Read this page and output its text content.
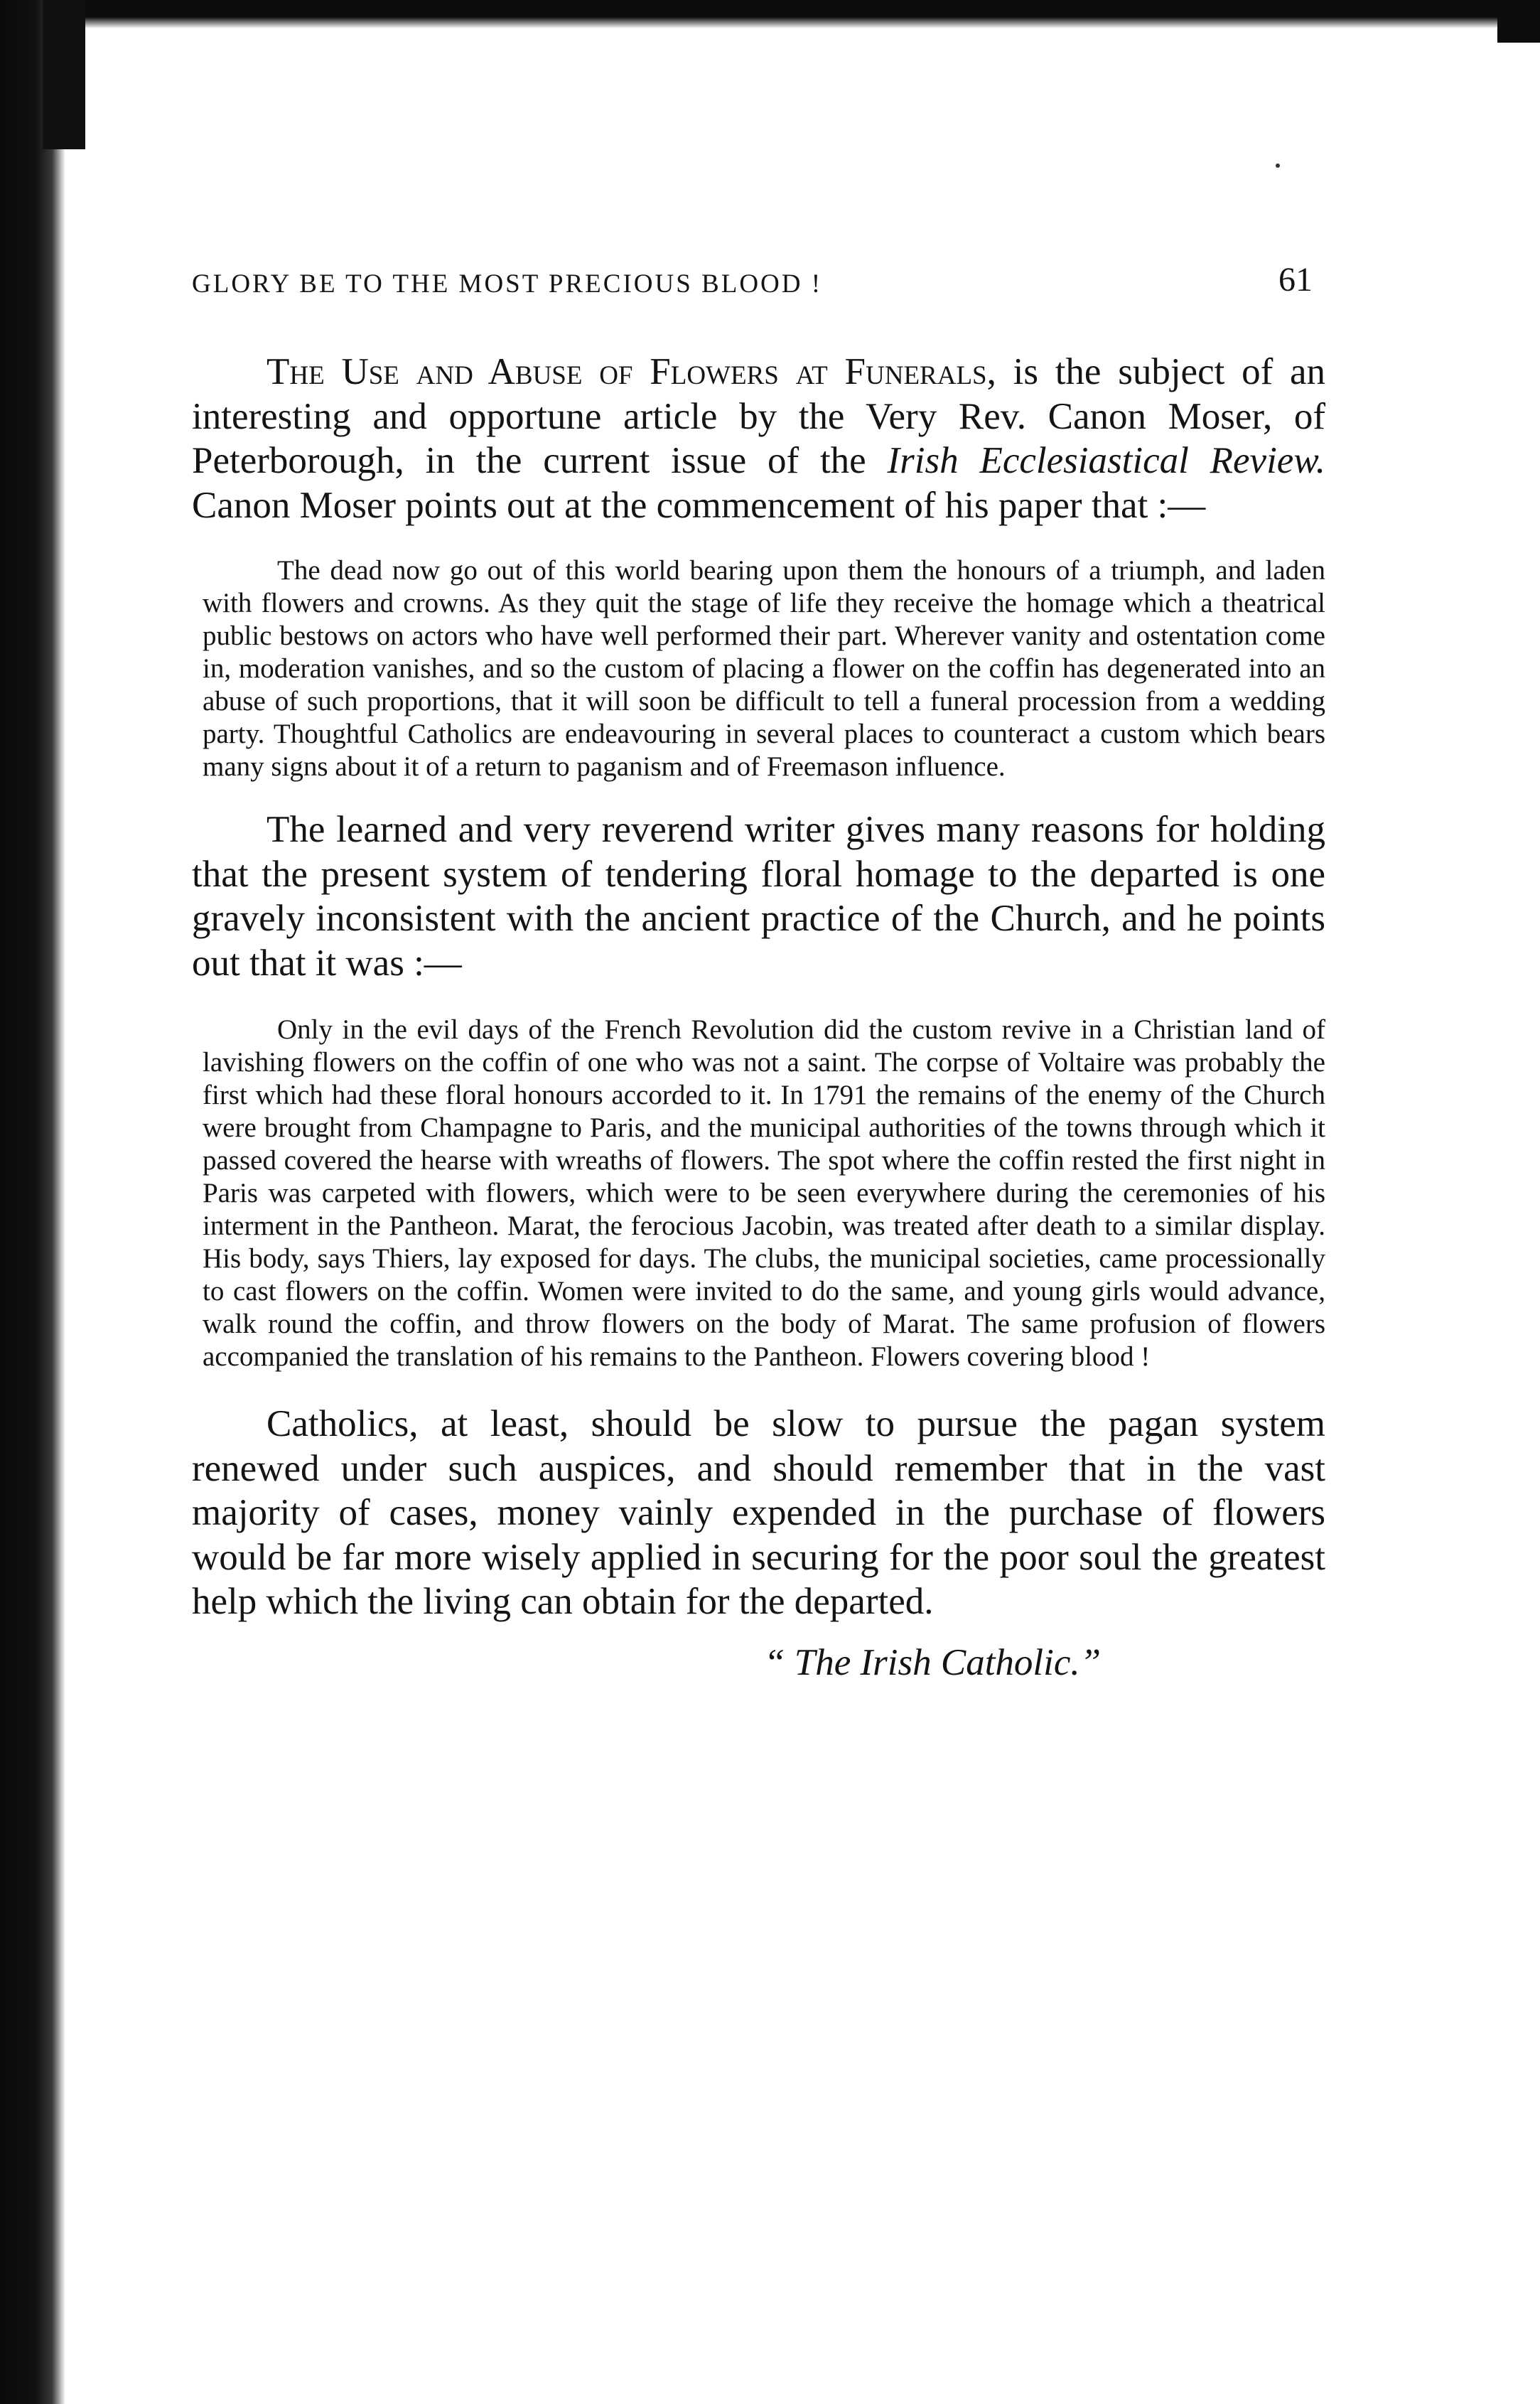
GLORY BE TO THE MOST PRECIOUS BLOOD !	61

The Use and Abuse of Flowers at Funerals, is the subject of an interesting and opportune article by the Very Rev. Canon Moser, of Peterborough, in the current issue of the Irish Ecclesiastical Review. Canon Moser points out at the commencement of his paper that :—

The dead now go out of this world bearing upon them the honours of a triumph, and laden with flowers and crowns. As they quit the stage of life they receive the homage which a theatrical public bestows on actors who have well performed their part. Wherever vanity and ostentation come in, moderation vanishes, and so the custom of placing a flower on the coffin has degenerated into an abuse of such proportions, that it will soon be difficult to tell a funeral procession from a wedding party. Thoughtful Catholics are endeavouring in several places to counteract a custom which bears many signs about it of a return to paganism and of Freemason influence.

The learned and very reverend writer gives many reasons for holding that the present system of tendering floral homage to the departed is one gravely inconsistent with the ancient practice of the Church, and he points out that it was :—

Only in the evil days of the French Revolution did the custom revive in a Christian land of lavishing flowers on the coffin of one who was not a saint. The corpse of Voltaire was probably the first which had these floral honours accorded to it. In 1791 the remains of the enemy of the Church were brought from Champagne to Paris, and the municipal authorities of the towns through which it passed covered the hearse with wreaths of flowers. The spot where the coffin rested the first night in Paris was carpeted with flowers, which were to be seen everywhere during the ceremonies of his interment in the Pantheon. Marat, the ferocious Jacobin, was treated after death to a similar display. His body, says Thiers, lay exposed for days. The clubs, the municipal societies, came processionally to cast flowers on the coffin. Women were invited to do the same, and young girls would advance, walk round the coffin, and throw flowers on the body of Marat. The same profusion of flowers accompanied the translation of his remains to the Pantheon. Flowers covering blood !

Catholics, at least, should be slow to pursue the pagan system renewed under such auspices, and should remember that in the vast majority of cases, money vainly expended in the purchase of flowers would be far more wisely applied in securing for the poor soul the greatest help which the living can obtain for the departed.

“ The Irish Catholic.”
